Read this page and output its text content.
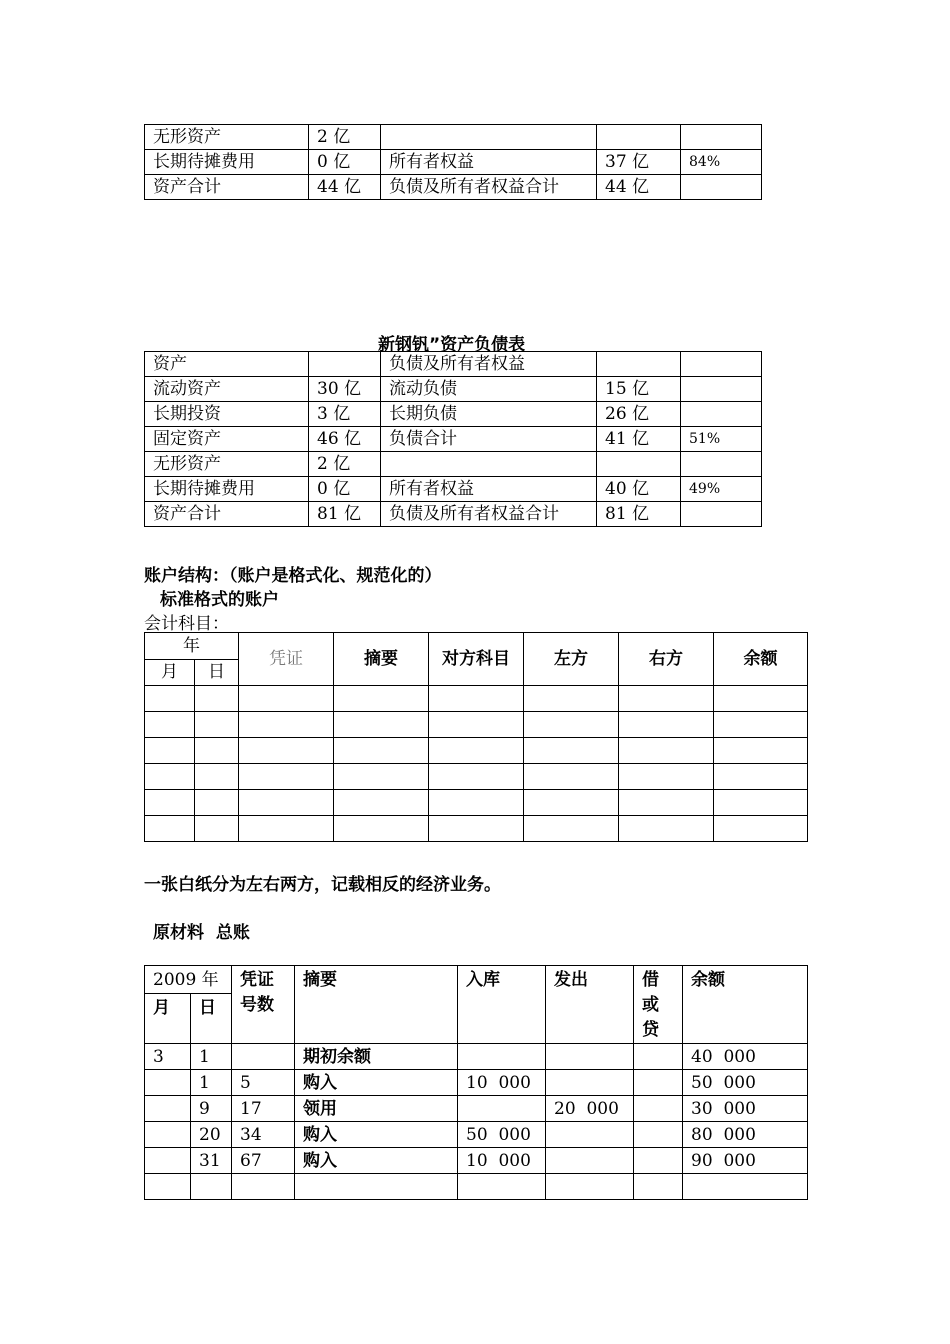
无形资产	2 亿			
长期待摊费用	0 亿	所有者权益	37 亿	84%
资产合计	44 亿	负债及所有者权益合计	44 亿	
新钢钒”资产负债表
资产		负债及所有者权益		
流动资产	30 亿	流动负债	15 亿	
长期投资	3 亿	长期负债	26 亿	
固定资产	46 亿	负债合计	41 亿	51%
无形资产	2 亿			
长期待摊费用	0 亿	所有者权益	40 亿	49%
资产合计	81 亿	负债及所有者权益合计	81 亿	
账户结构：（账户是格式化、规范化的）
标准格式的账户
会计科目：
年		凭证	摘要	对方科目	左方	右方	余额
月	日						

一张白纸分为左右两方，记载相反的经济业务。
原材料  总账
2009 年		凭证号数	摘要	入库	发出	借或贷	余额
月	日						
3	1		期初余额				40  000
	1	5	购入	10  000			50  000
	9	17	领用		20  000		30  000
	20	34	购入	50  000			80  000
	31	67	购入	10  000			90  000
